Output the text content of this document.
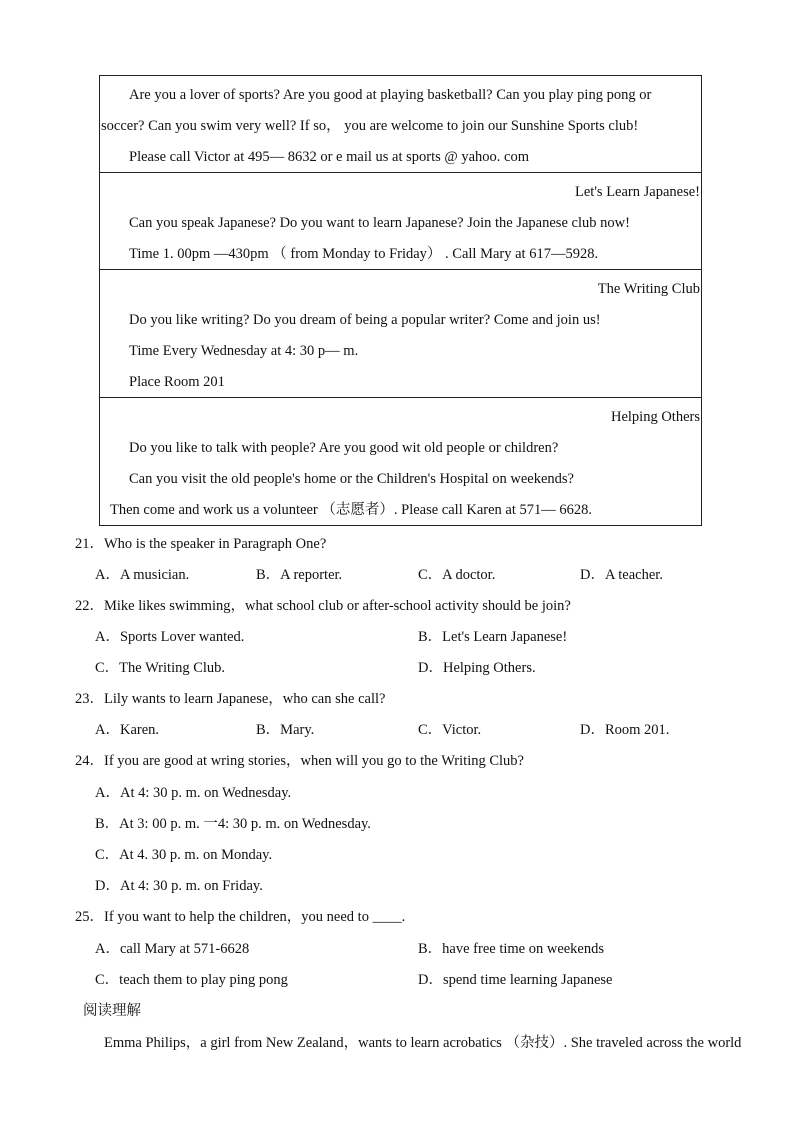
Are you a lover of sports? Are you good at playing basketball? Can you play ping pong or
soccer? Can you swim very well? If so， you are welcome to join our Sunshine Sports club!
Please call Victor at 495— 8632 or e mail us at sports @ yahoo. com
Let's Learn Japanese!
Can you speak Japanese? Do you want to learn Japanese? Join the Japanese club now!
Time 1. 00pm —430pm （ from Monday to Friday） . Call Mary at 617—5928.
The Writing Club
Do you like writing? Do you dream of being a popular writer? Come and join us!
Time Every Wednesday at 4: 30 p— m.
Place Room 201
Helping Others
Do you like to talk with people? Are you good wit old people or children?
Can you visit the old people's home or the Children's Hospital on weekends?
Then come and work us a volunteer （志愿者）. Please call Karen at 571— 6628.
21．Who is the speaker in Paragraph One?
A．A musician.	B．A reporter.	C．A doctor.	D．A teacher.
22．Mike likes swimming，what school club or after-school activity should be join?
A．Sports Lover wanted.	B．Let's Learn Japanese!
C．The Writing Club.	D．Helping Others.
23．Lily wants to learn Japanese，who can she call?
A．Karen.	B．Mary.	C．Victor.	D．Room 201.
24．If you are good at wring stories，when will you go to the Writing Club?
A．At 4: 30 p. m. on Wednesday.
B．At 3: 00 p. m. 一4: 30 p. m. on Wednesday.
C．At 4. 30 p. m. on Monday.
D．At 4: 30 p. m. on Friday.
25．If you want to help the children，you need to ____.
A．call Mary at 571-6628	B．have free time on weekends
C．teach them to play ping pong	D．spend time learning Japanese
阅读理解
Emma Philips，a girl from New Zealand，wants to learn acrobatics （杂技）. She traveled across the world
